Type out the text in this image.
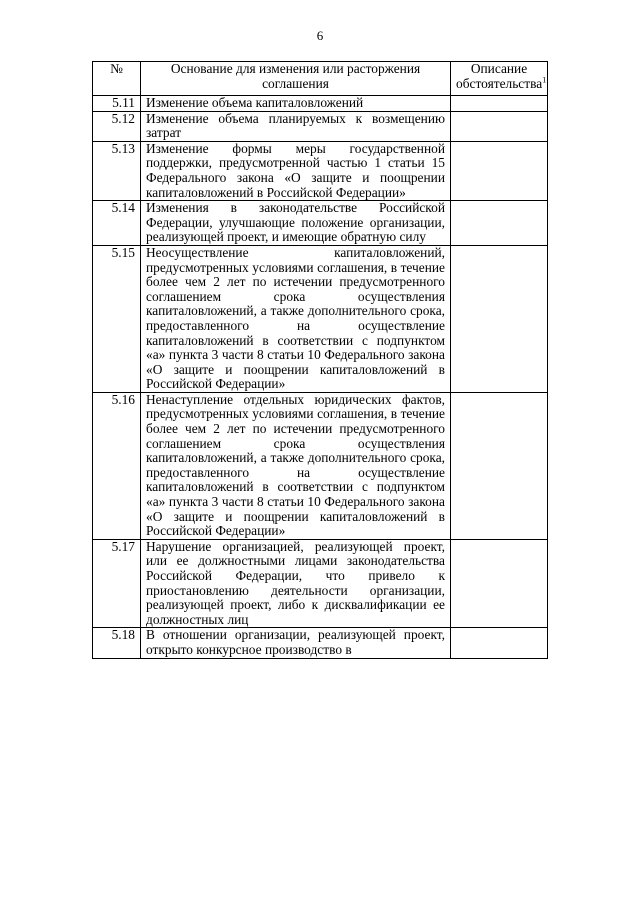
6
№	Основание для изменения или расторжения соглашения	Описание обстоятельства$^1$
5.11	Изменение объема капиталовложений	
5.12	Изменение объема планируемых к возмещению затрат	
5.13	Изменение формы меры государственной поддержки, предусмотренной частью 1 статьи 15 Федерального закона «О защите и поощрении капиталовложений в Российской Федерации»	
5.14	Изменения в законодательстве Российской Федерации, улучшающие положение организации, реализующей проект, и имеющие обратную силу	
5.15	Неосуществление капиталовложений, предусмотренных условиями соглашения, в течение более чем 2 лет по истечении предусмотренного соглашением срока осуществления капиталовложений, а также дополнительного срока, предоставленного на осуществление капиталовложений в соответствии с подпунктом «а» пункта 3 части 8 статьи 10 Федерального закона «О защите и поощрении капиталовложений в Российской Федерации»	
5.16	Ненаступление отдельных юридических фактов, предусмотренных условиями соглашения, в течение более чем 2 лет по истечении предусмотренного соглашением срока осуществления капиталовложений, а также дополнительного срока, предоставленного на осуществление капиталовложений в соответствии с подпунктом «а» пункта 3 части 8 статьи 10 Федерального закона «О защите и поощрении капиталовложений в Российской Федерации»	
5.17	Нарушение организацией, реализующей проект, или ее должностными лицами законодательства Российской Федерации, что привело к приостановлению деятельности организации, реализующей проект, либо к дисквалификации ее должностных лиц	
5.18	В отношении организации, реализующей проект, открыто конкурсное производство в	
